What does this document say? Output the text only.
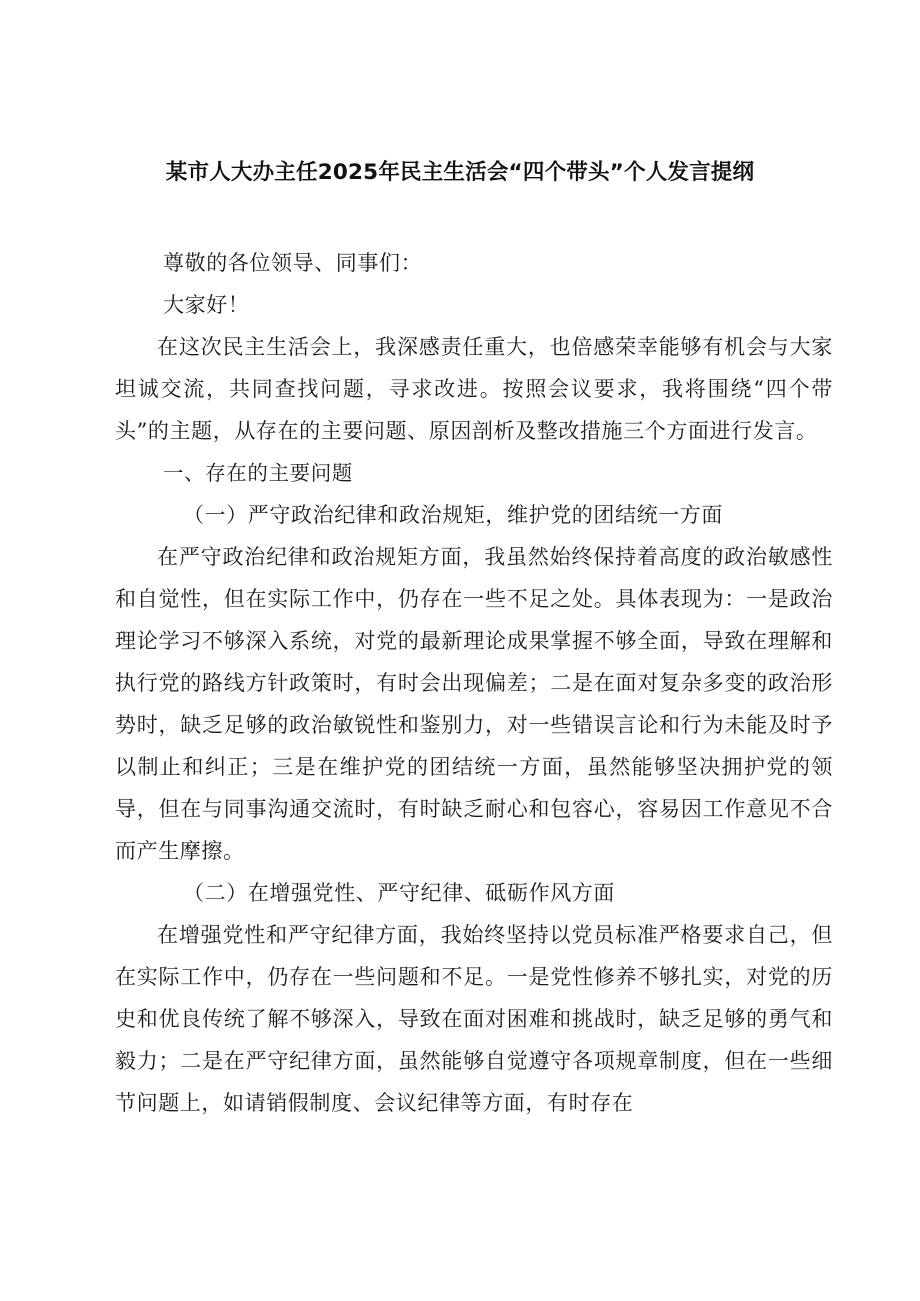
某市人大办主任2025年民主生活会“四个带头”个人发言提纲

尊敬的各位领导、同事们：

大家好！

在这次民主生活会上，我深感责任重大，也倍感荣幸能够有机会与大家坦诚交流，共同查找问题，寻求改进。按照会议要求，我将围绕“四个带头”的主题，从存在的主要问题、原因剖析及整改措施三个方面进行发言。

一、存在的主要问题

（一）严守政治纪律和政治规矩，维护党的团结统一方面

在严守政治纪律和政治规矩方面，我虽然始终保持着高度的政治敏感性和自觉性，但在实际工作中，仍存在一些不足之处。具体表现为：一是政治理论学习不够深入系统，对党的最新理论成果掌握不够全面，导致在理解和执行党的路线方针政策时，有时会出现偏差；二是在面对复杂多变的政治形势时，缺乏足够的政治敏锐性和鉴别力，对一些错误言论和行为未能及时予以制止和纠正；三是在维护党的团结统一方面，虽然能够坚决拥护党的领导，但在与同事沟通交流时，有时缺乏耐心和包容心，容易因工作意见不合而产生摩擦。

（二）在增强党性、严守纪律、砥砺作风方面

在增强党性和严守纪律方面，我始终坚持以党员标准严格要求自己，但在实际工作中，仍存在一些问题和不足。一是党性修养不够扎实，对党的历史和优良传统了解不够深入，导致在面对困难和挑战时，缺乏足够的勇气和毅力；二是在严守纪律方面，虽然能够自觉遵守各项规章制度，但在一些细节问题上，如请销假制度、会议纪律等方面，有时存在
